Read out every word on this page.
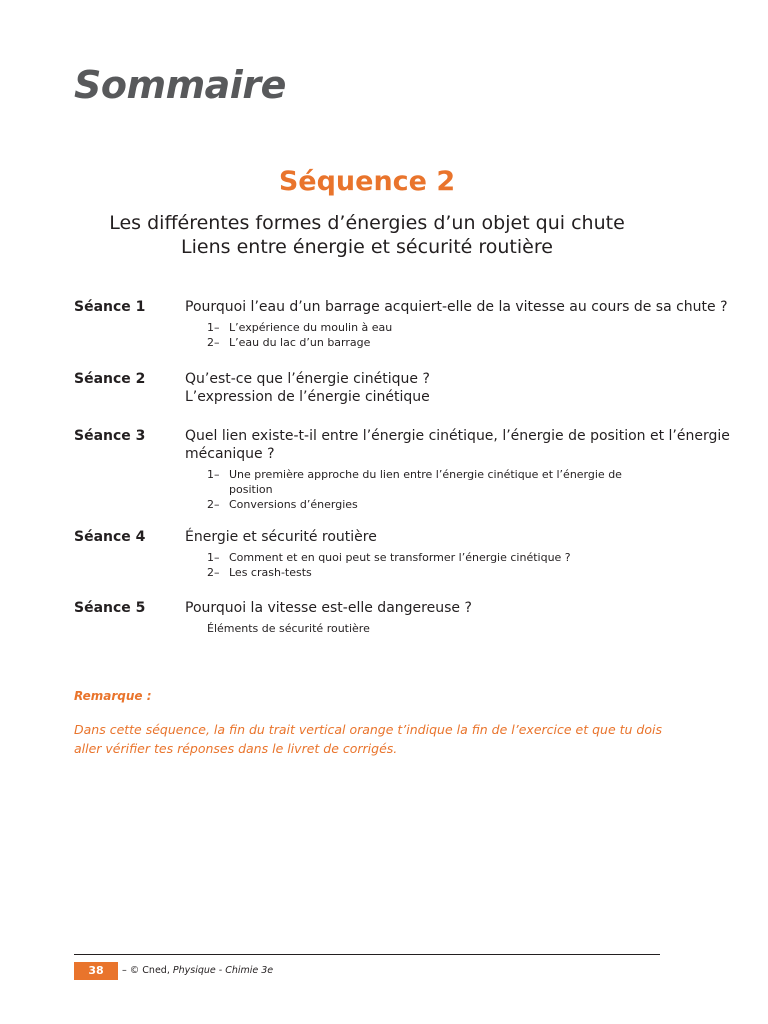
Sommaire
Séquence 2
Les différentes formes d’énergies d’un objet qui chute
Liens entre énergie et sécurité routière
Séance 1	Pourquoi l’eau d’un barrage acquiert-elle de la vitesse au cours de sa chute ?
1– L’expérience du moulin à eau
2– L’eau du lac d’un barrage
Séance 2	Qu’est-ce que l’énergie cinétique ?
L’expression de l’énergie cinétique
Séance 3	Quel lien existe-t-il entre l’énergie cinétique, l’énergie de position et l’énergie
mécanique ?
1– Une première approche du lien entre l’énergie cinétique et l’énergie de position
2– Conversions d’énergies
Séance 4	Énergie et sécurité routière
1– Comment et en quoi peut se transformer l’énergie cinétique ?
2– Les crash-tests
Séance 5	Pourquoi la vitesse est-elle dangereuse ?
Éléments de sécurité routière
Remarque :
Dans cette séquence, la fin du trait vertical orange t’indique la fin de l’exercice et que tu dois aller vérifier tes réponses dans le livret de corrigés.
38	– © Cned, Physique - Chimie 3e
